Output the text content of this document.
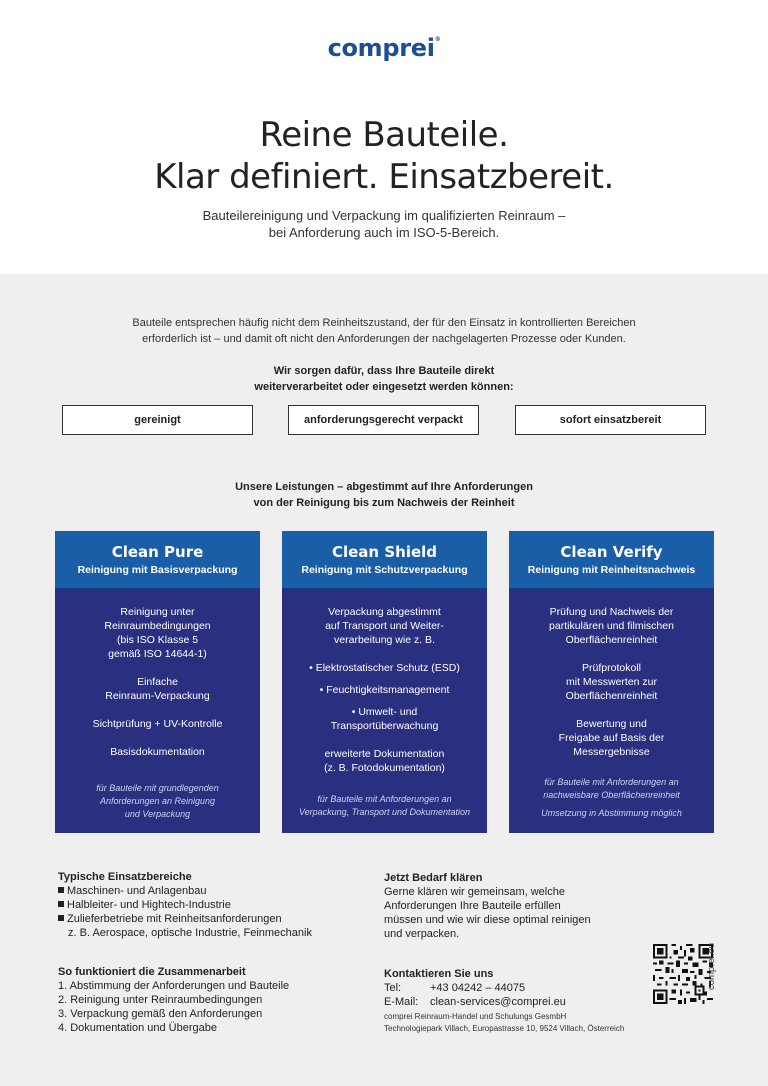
comprei®
Reine Bauteile.
Klar definiert. Einsatzbereit.
Bauteilereinigung und Verpackung im qualifizierten Reinraum –
bei Anforderung auch im ISO-5-Bereich.
Bauteile entsprechen häufig nicht dem Reinheitszustand, der für den Einsatz in kontrollierten Bereichen
erforderlich ist – und damit oft nicht den Anforderungen der nachgelagerten Prozesse oder Kunden.
Wir sorgen dafür, dass Ihre Bauteile direkt
weiterverarbeitet oder eingesetzt werden können:
gereinigt	anforderungsgerecht verpackt	sofort einsatzbereit
Unsere Leistungen – abgestimmt auf Ihre Anforderungen
von der Reinigung bis zum Nachweis der Reinheit
Clean Pure
Reinigung mit Basisverpackung
Reinigung unter
Reinraumbedingungen
(bis ISO Klasse 5
gemäß ISO 14644-1)
Einfache
Reinraum-Verpackung
Sichtprüfung + UV-Kontrolle
Basisdokumentation
für Bauteile mit grundlegenden
Anforderungen an Reinigung
und Verpackung
Clean Shield
Reinigung mit Schutzverpackung
Verpackung abgestimmt
auf Transport und Weiter-
verarbeitung wie z. B.
• Elektrostatischer Schutz (ESD)
• Feuchtigkeitsmanagement
• Umwelt- und
Transportüberwachung
erweiterte Dokumentation
(z. B. Fotodokumentation)
für Bauteile mit Anforderungen an
Verpackung, Transport und Dokumentation
Clean Verify
Reinigung mit Reinheitsnachweis
Prüfung und Nachweis der
partikulären und filmischen
Oberflächenreinheit
Prüfprotokoll
mit Messwerten zur
Oberflächenreinheit
Bewertung und
Freigabe auf Basis der
Messergebnisse
für Bauteile mit Anforderungen an
nachweisbare Oberflächenreinheit
Umsetzung in Abstimmung möglich
Typische Einsatzbereiche
Maschinen- und Anlagenbau
Halbleiter- und Hightech-Industrie
Zulieferbetriebe mit Reinheitsanforderungen
z. B. Aerospace, optische Industrie, Feinmechanik
So funktioniert die Zusammenarbeit
1. Abstimmung der Anforderungen und Bauteile
2. Reinigung unter Reinraumbedingungen
3. Verpackung gemäß den Anforderungen
4. Dokumentation und Übergabe
Jetzt Bedarf klären
Gerne klären wir gemeinsam, welche
Anforderungen Ihre Bauteile erfüllen
müssen und wie wir diese optimal reinigen
und verpacken.
Kontaktieren Sie uns
Tel:	+43 04242 – 44075
E-Mail: clean-services@comprei.eu
comprei Reinraum-Handel und Schulungs GesmbH
Technologiepark Villach, Europastrasse 10, 9524 Villach, Österreich
comprei.eu
